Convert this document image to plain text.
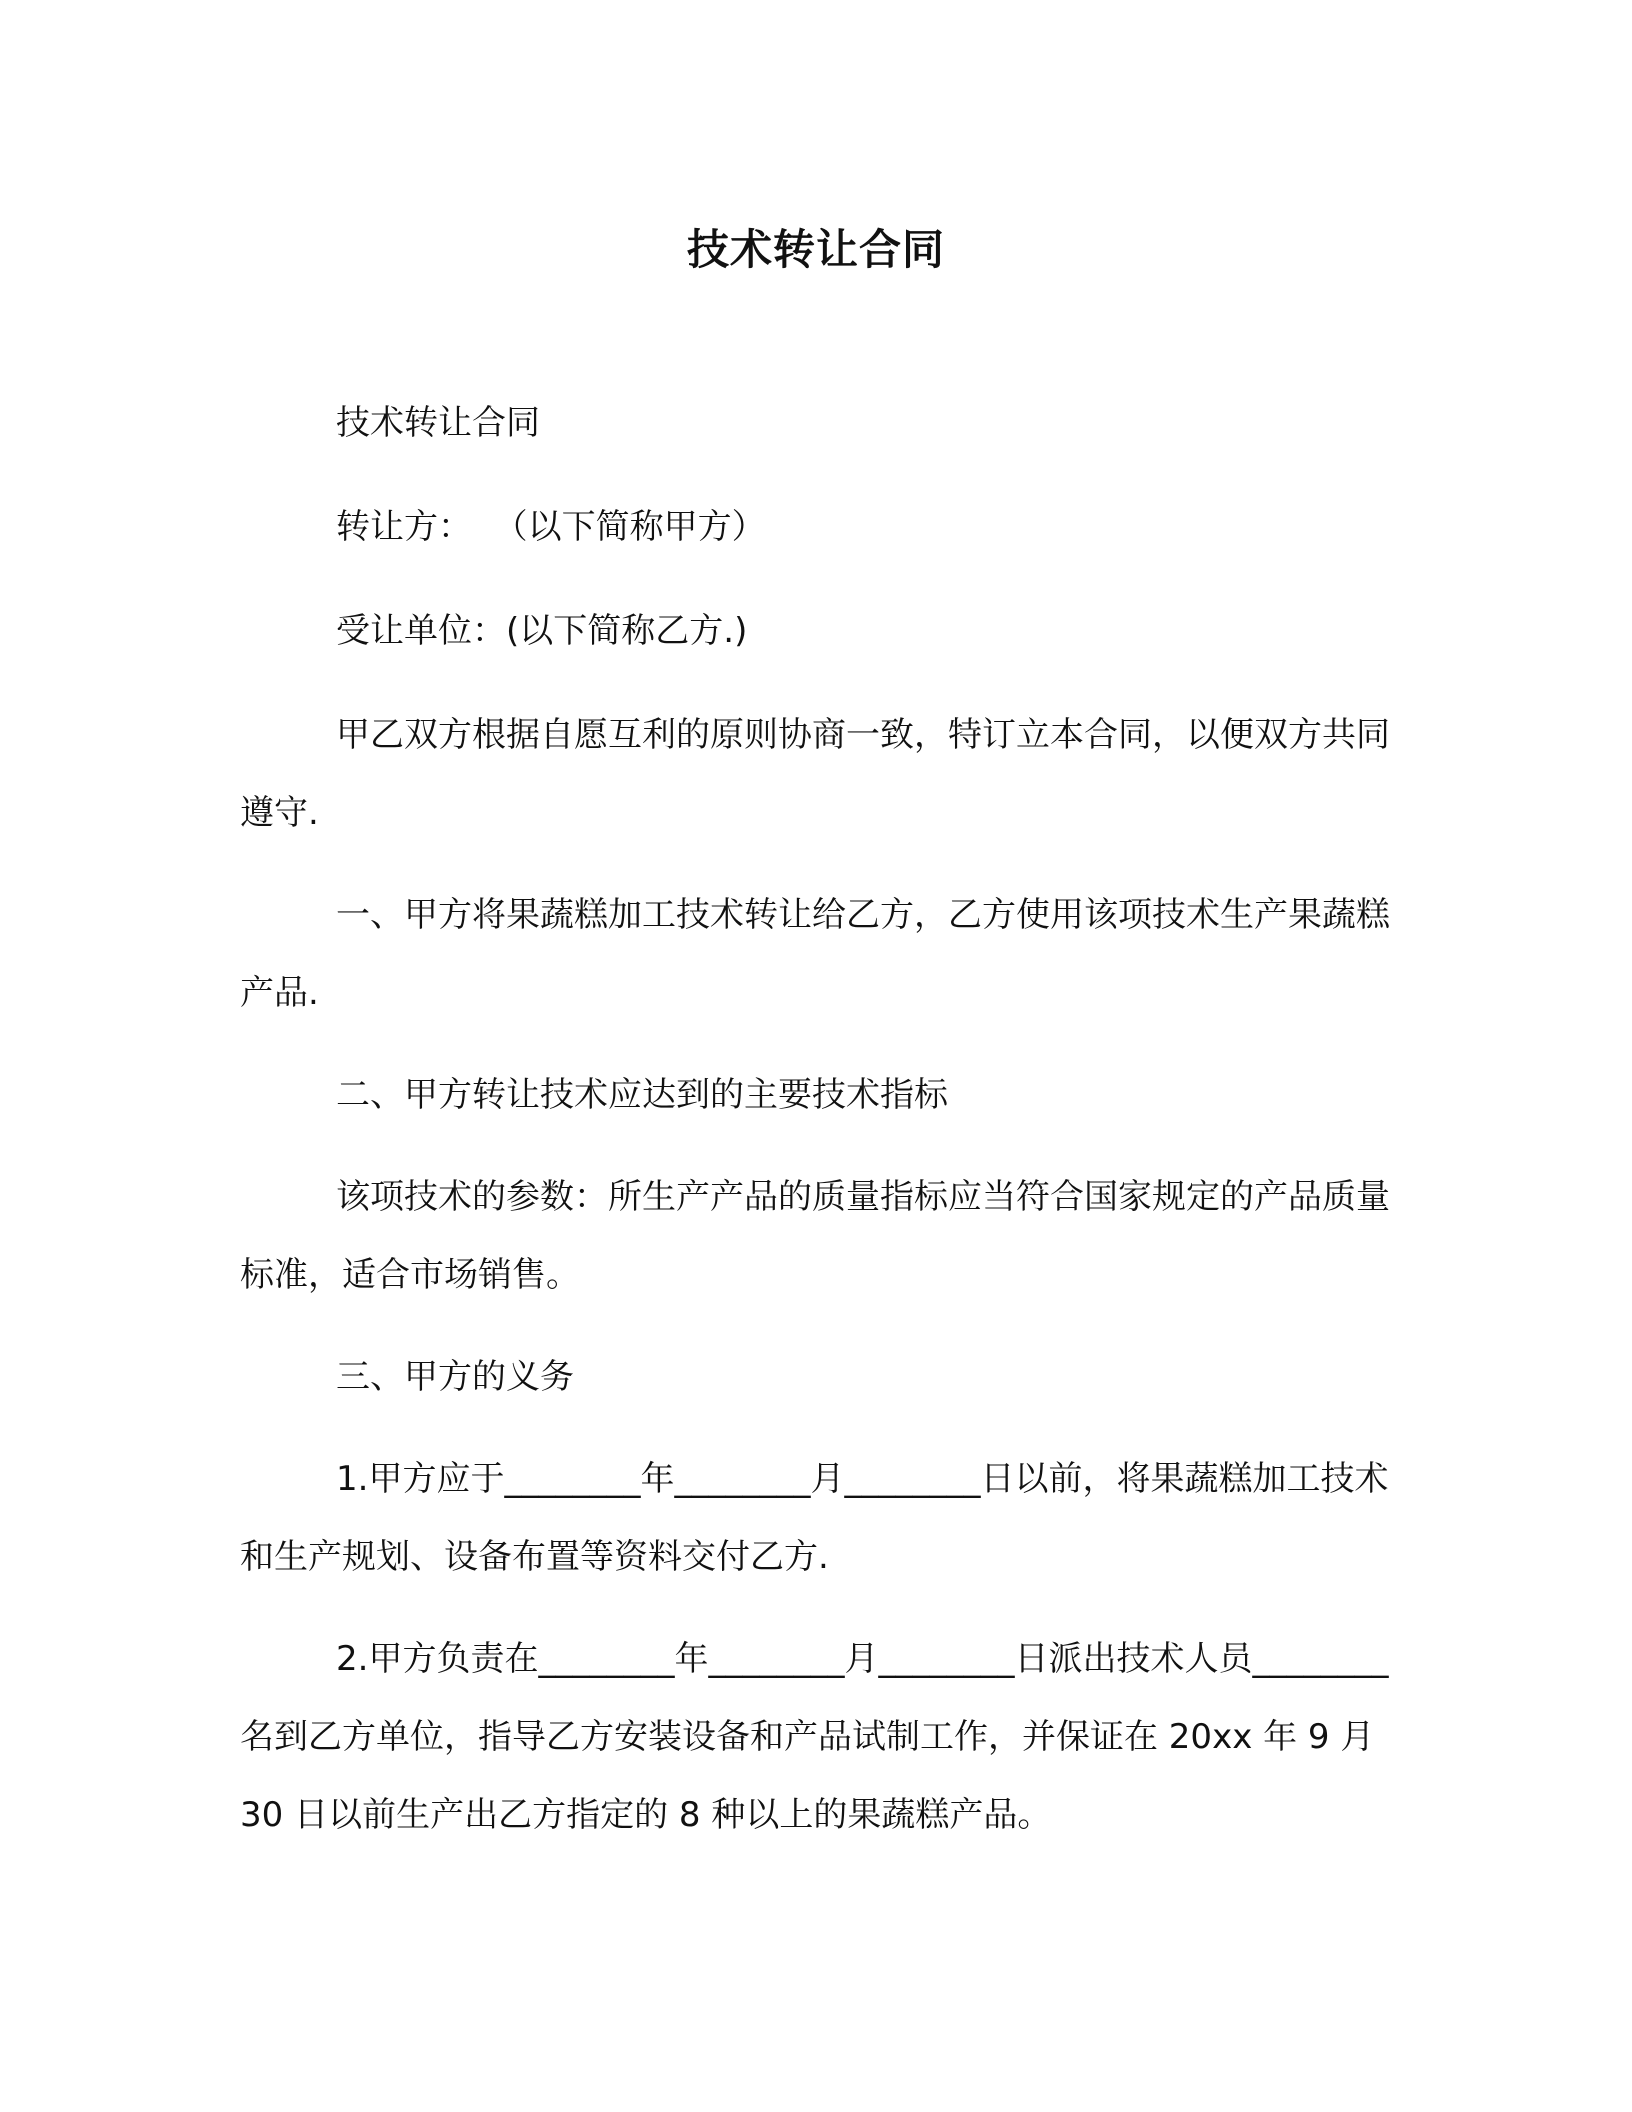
技术转让合同

技术转让合同

转让方：  （以下简称甲方）

受让单位：(以下简称乙方.)

甲乙双方根据自愿互利的原则协商一致，特订立本合同，以便双方共同遵守.

一、甲方将果蔬糕加工技术转让给乙方，乙方使用该项技术生产果蔬糕产品.

二、甲方转让技术应达到的主要技术指标

该项技术的参数：所生产产品的质量指标应当符合国家规定的产品质量标准，适合市场销售。

三、甲方的义务

1.甲方应于________年________月________日以前，将果蔬糕加工技术和生产规划、设备布置等资料交付乙方.

2.甲方负责在________年________月________日派出技术人员________名到乙方单位，指导乙方安装设备和产品试制工作，并保证在 20xx 年 9 月 30 日以前生产出乙方指定的 8 种以上的果蔬糕产品。
